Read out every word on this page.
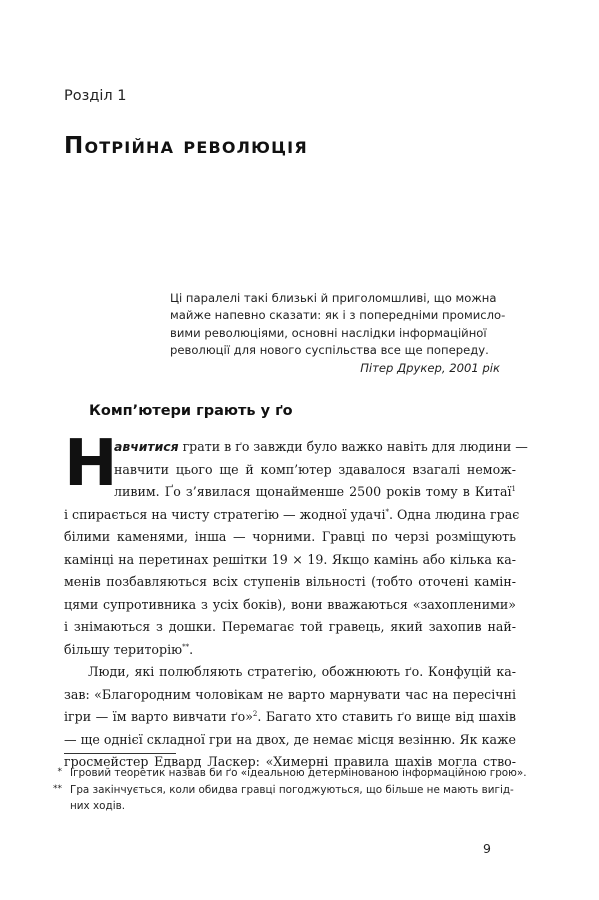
Розділ 1
Потрійна революція
Ці паралелі такі близькі й приголомшливі, що можна
майже напевно сказати: як і з попередніми промисло-
вими революціями, основні наслідки інформаційної
революції для нового суспільства все ще попереду.
Пітер Друкер, 2001 рік
Комп’ютери грають у ґо
Н
авчитися грати в ґо завжди було важко навіть для людини —
навчити цього ще й комп’ютер здавалося взагалі немож-
ливим. Ґо з’явилася щонайменше 2500 років тому в Китаї$^1$
і спирається на чисту стратегію — жодної удачі*. Одна людина грає
білими каменями, інша — чорними. Гравці по черзі розміщують
камінці на перетинах решітки 19 × 19. Якщо камінь або кілька ка-
менів позбавляються всіх ступенів вільності (тобто оточені камін-
цями супротивника з усіх боків), вони вважаються «захопленими»
і знімаються з дошки. Перемагає той гравець, який захопив най-
більшу територію**.
Люди, які полюбляють стратегію, обожнюють ґо. Конфуцій ка-
зав: «Благородним чоловікам не варто марнувати час на пересічні
ігри — їм варто вивчати ґо»$^2$. Багато хто ставить ґо вище від шахів
— ще однієї складної гри на двох, де немає місця везінню. Як каже
гросмейстер Едвард Ласкер: «Химерні правила шахів могла ство-
* Ігровий теоретик назвав би ґо «ідеальною детермінованою інформаційною грою».
** Гра закінчується, коли обидва гравці погоджуються, що більше не мають вигід-
них ходів.
9
